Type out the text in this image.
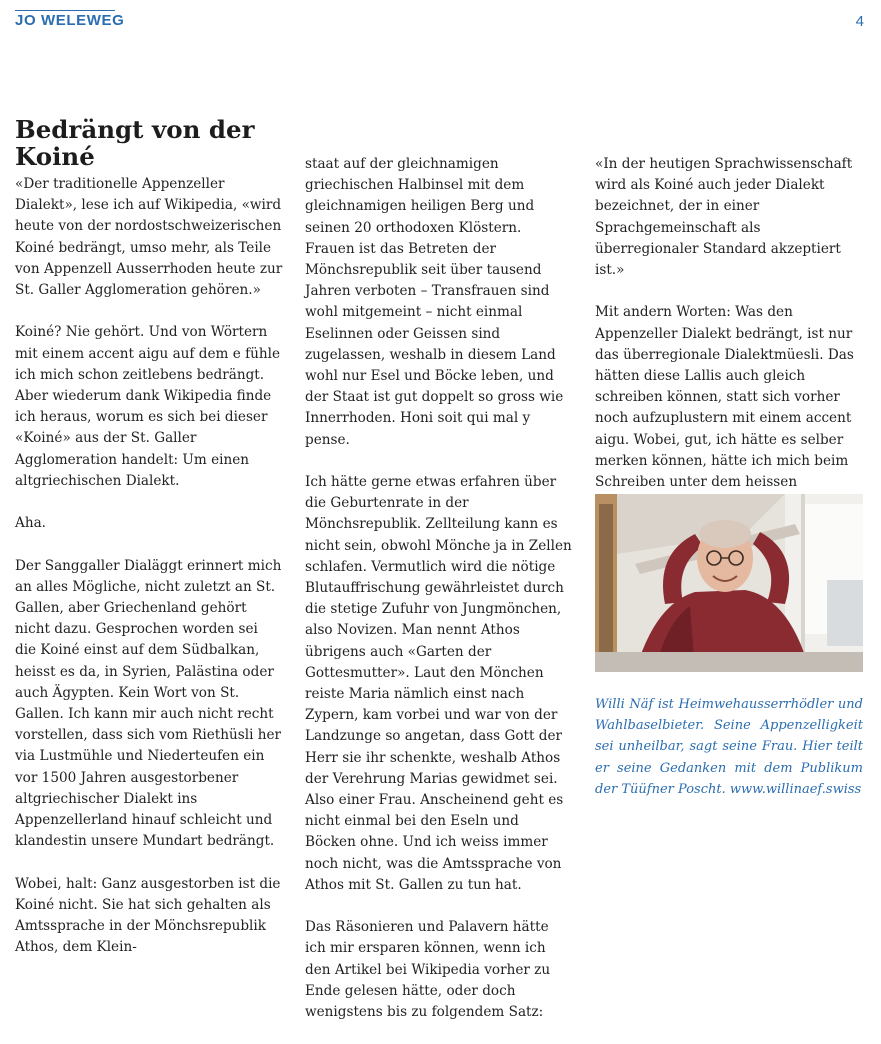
JO WELEWEG	4
Bedrängt von der Koiné

«Der traditionelle Appenzeller Dialekt», lese ich auf Wikipedia, «wird heute von der nordostschweizerischen Koiné bedrängt, umso mehr, als Teile von Appenzell Ausserrhoden heute zur St. Galler Agglomeration gehören.»

Koiné? Nie gehört. Und von Wörtern mit einem accent aigu auf dem e fühle ich mich schon zeitlebens bedrängt. Aber wiederum dank Wikipedia finde ich heraus, worum es sich bei dieser «Koiné» aus der St. Galler Agglomeration handelt: Um einen altgriechischen Dialekt.

Aha.

Der Sanggaller Dialäggt erinnert mich an alles Mögliche, nicht zuletzt an St. Gallen, aber Griechenland gehört nicht dazu. Gesprochen worden sei die Koiné einst auf dem Südbalkan, heisst es da, in Syrien, Palästina oder auch Ägypten. Kein Wort von St. Gallen. Ich kann mir auch nicht recht vorstellen, dass sich vom Riethüsli her via Lustmühle und Niederteufen ein vor 1500 Jahren ausgestorbener altgriechischer Dialekt ins Appenzellerland hinauf schleicht und klandestin unsere Mundart bedrängt.

Wobei, halt: Ganz ausgestorben ist die Koiné nicht. Sie hat sich gehalten als Amtssprache in der Mönchsrepublik Athos, dem Klein-

staat auf der gleichnamigen griechischen Halbinsel mit dem gleichnamigen heiligen Berg und seinen 20 orthodoxen Klöstern. Frauen ist das Betreten der Mönchsrepublik seit über tausend Jahren verboten – Transfrauen sind wohl mitgemeint – nicht einmal Eselinnen oder Geissen sind zugelassen, weshalb in diesem Land wohl nur Esel und Böcke leben, und der Staat ist gut doppelt so gross wie Innerrhoden. Honi soit qui mal y pense.

Ich hätte gerne etwas erfahren über die Geburtenrate in der Mönchsrepublik. Zellteilung kann es nicht sein, obwohl Mönche ja in Zellen schlafen. Vermutlich wird die nötige Blutauffrischung gewährleistet durch die stetige Zufuhr von Jungmönchen, also Novizen. Man nennt Athos übrigens auch «Garten der Gottesmutter». Laut den Mönchen reiste Maria nämlich einst nach Zypern, kam vorbei und war von der Landzunge so angetan, dass Gott der Herr sie ihr schenkte, weshalb Athos der Verehrung Marias gewidmet sei. Also einer Frau. Anscheinend geht es nicht einmal bei den Eseln und Böcken ohne. Und ich weiss immer noch nicht, was die Amtssprache von Athos mit St. Gallen zu tun hat.

Das Räsonieren und Palavern hätte ich mir ersparen können, wenn ich den Artikel bei Wikipedia vorher zu Ende gelesen hätte, oder doch wenigstens bis zu folgendem Satz:

«In der heutigen Sprachwissenschaft wird als Koiné auch jeder Dialekt bezeichnet, der in einer Sprachgemeinschaft als überregionaler Standard akzeptiert ist.»

Mit andern Worten: Was den Appenzeller Dialekt bedrängt, ist nur das überregionale Dialektmüesli. Das hätten diese Lallis auch gleich schreiben können, statt sich vorher noch aufzuplustern mit einem accent aigu. Wobei, gut, ich hätte es selber merken können, hätte ich mich beim Schreiben unter dem heissen

Willi Näf ist Heimwehausserrhödler und Wahlbaselbieter. Seine Appenzelligkeit sei unheilbar, sagt seine Frau. Hier teilt er seine Gedanken mit dem Publikum der Tüüfner Poscht. www.willinaef.swiss
